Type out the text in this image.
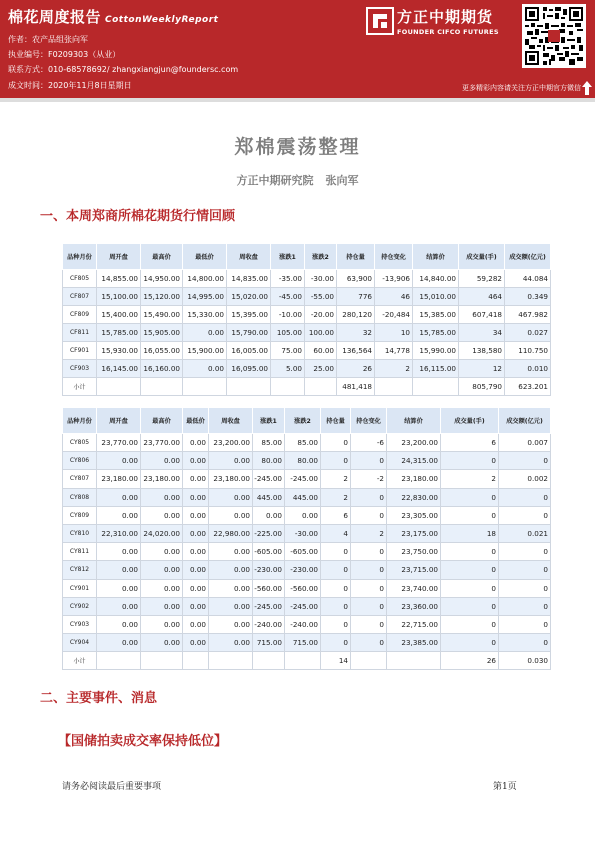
棉花周度报告 CottonWeeklyReport
作者：农产品组张向军
执业编号：F0209303（从业）
联系方式：010-68578692/ zhangxiangjun@foundersc.com
成文时间：2020年11月8日星期日
方正中期期货
FOUNDER CIFCO FUTURES
更多精彩内容请关注方正中期官方微信
郑棉震荡整理
方正中期研究院 张向军
一、本周郑商所棉花期货行情回顾
品种月份	周开盘	最高价	最低价	周收盘	涨跌1	涨跌2	持仓量	持仓变化	结算价	成交量(手)	成交额(亿元)
CF805	14,855.00	14,950.00	14,800.00	14,835.00	-35.00	-30.00	63,900	-13,906	14,840.00	59,282	44.084
CF807	15,100.00	15,120.00	14,995.00	15,020.00	-45.00	-55.00	776	46	15,010.00	464	0.349
CF809	15,400.00	15,490.00	15,330.00	15,395.00	-10.00	-20.00	280,120	-20,484	15,385.00	607,418	467.982
CF811	15,785.00	15,905.00	0.00	15,790.00	105.00	100.00	32	10	15,785.00	34	0.027
CF901	15,930.00	16,055.00	15,900.00	16,005.00	75.00	60.00	136,564	14,778	15,990.00	138,580	110.750
CF903	16,145.00	16,160.00	0.00	16,095.00	5.00	25.00	26	2	16,115.00	12	0.010
小计							481,418			805,790	623.201
品种月份	周开盘	最高价	最低价	周收盘	涨跌1	涨跌2	持仓量	持仓变化	结算价	成交量(手)	成交额(亿元)
CY805	23,770.00	23,770.00	0.00	23,200.00	85.00	85.00	0	-6	23,200.00	6	0.007
CY806	0.00	0.00	0.00	0.00	80.00	80.00	0	0	24,315.00	0	0
CY807	23,180.00	23,180.00	0.00	23,180.00	-245.00	-245.00	2	-2	23,180.00	2	0.002
CY808	0.00	0.00	0.00	0.00	445.00	445.00	2	0	22,830.00	0	0
CY809	0.00	0.00	0.00	0.00	0.00	0.00	6	0	23,305.00	0	0
CY810	22,310.00	24,020.00	0.00	22,980.00	-225.00	-30.00	4	2	23,175.00	18	0.021
CY811	0.00	0.00	0.00	0.00	-605.00	-605.00	0	0	23,750.00	0	0
CY812	0.00	0.00	0.00	0.00	-230.00	-230.00	0	0	23,715.00	0	0
CY901	0.00	0.00	0.00	0.00	-560.00	-560.00	0	0	23,740.00	0	0
CY902	0.00	0.00	0.00	0.00	-245.00	-245.00	0	0	23,360.00	0	0
CY903	0.00	0.00	0.00	0.00	-240.00	-240.00	0	0	22,715.00	0	0
CY904	0.00	0.00	0.00	0.00	715.00	715.00	0	0	23,385.00	0	0
小计							14			26	0.030
二、主要事件、消息
【国储拍卖成交率保持低位】
请务必阅读最后重要事项	第1页
